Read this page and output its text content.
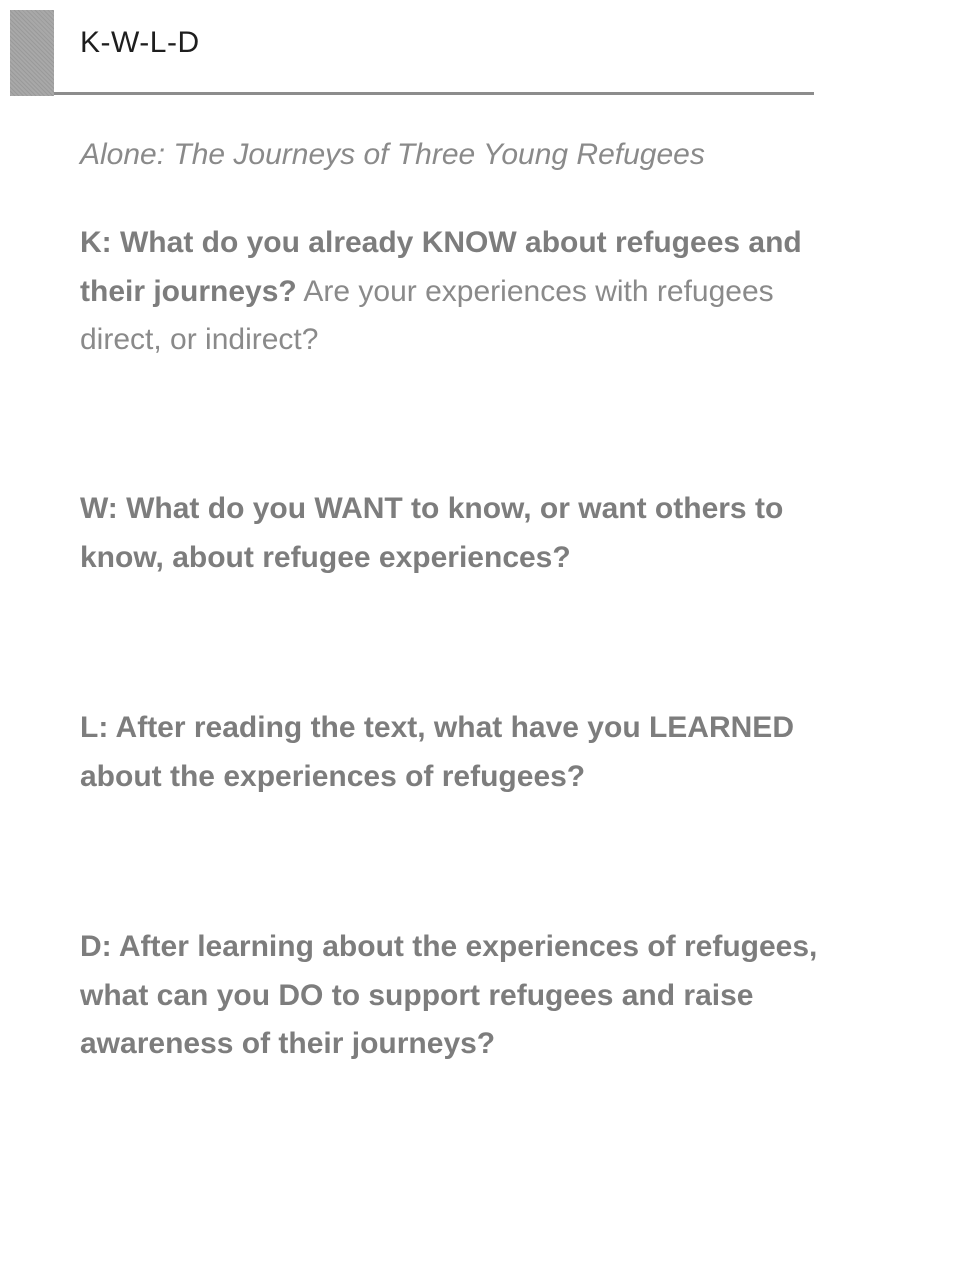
K-W-L-D
Alone: The Journeys of Three Young Refugees
K: What do you already KNOW about refugees and their journeys? Are your experiences with refugees direct, or indirect?
W: What do you WANT to know, or want others to know, about refugee experiences?
L: After reading the text, what have you LEARNED about the experiences of refugees?
D: After learning about the experiences of refugees, what can you DO to support refugees and raise awareness of their journeys?
